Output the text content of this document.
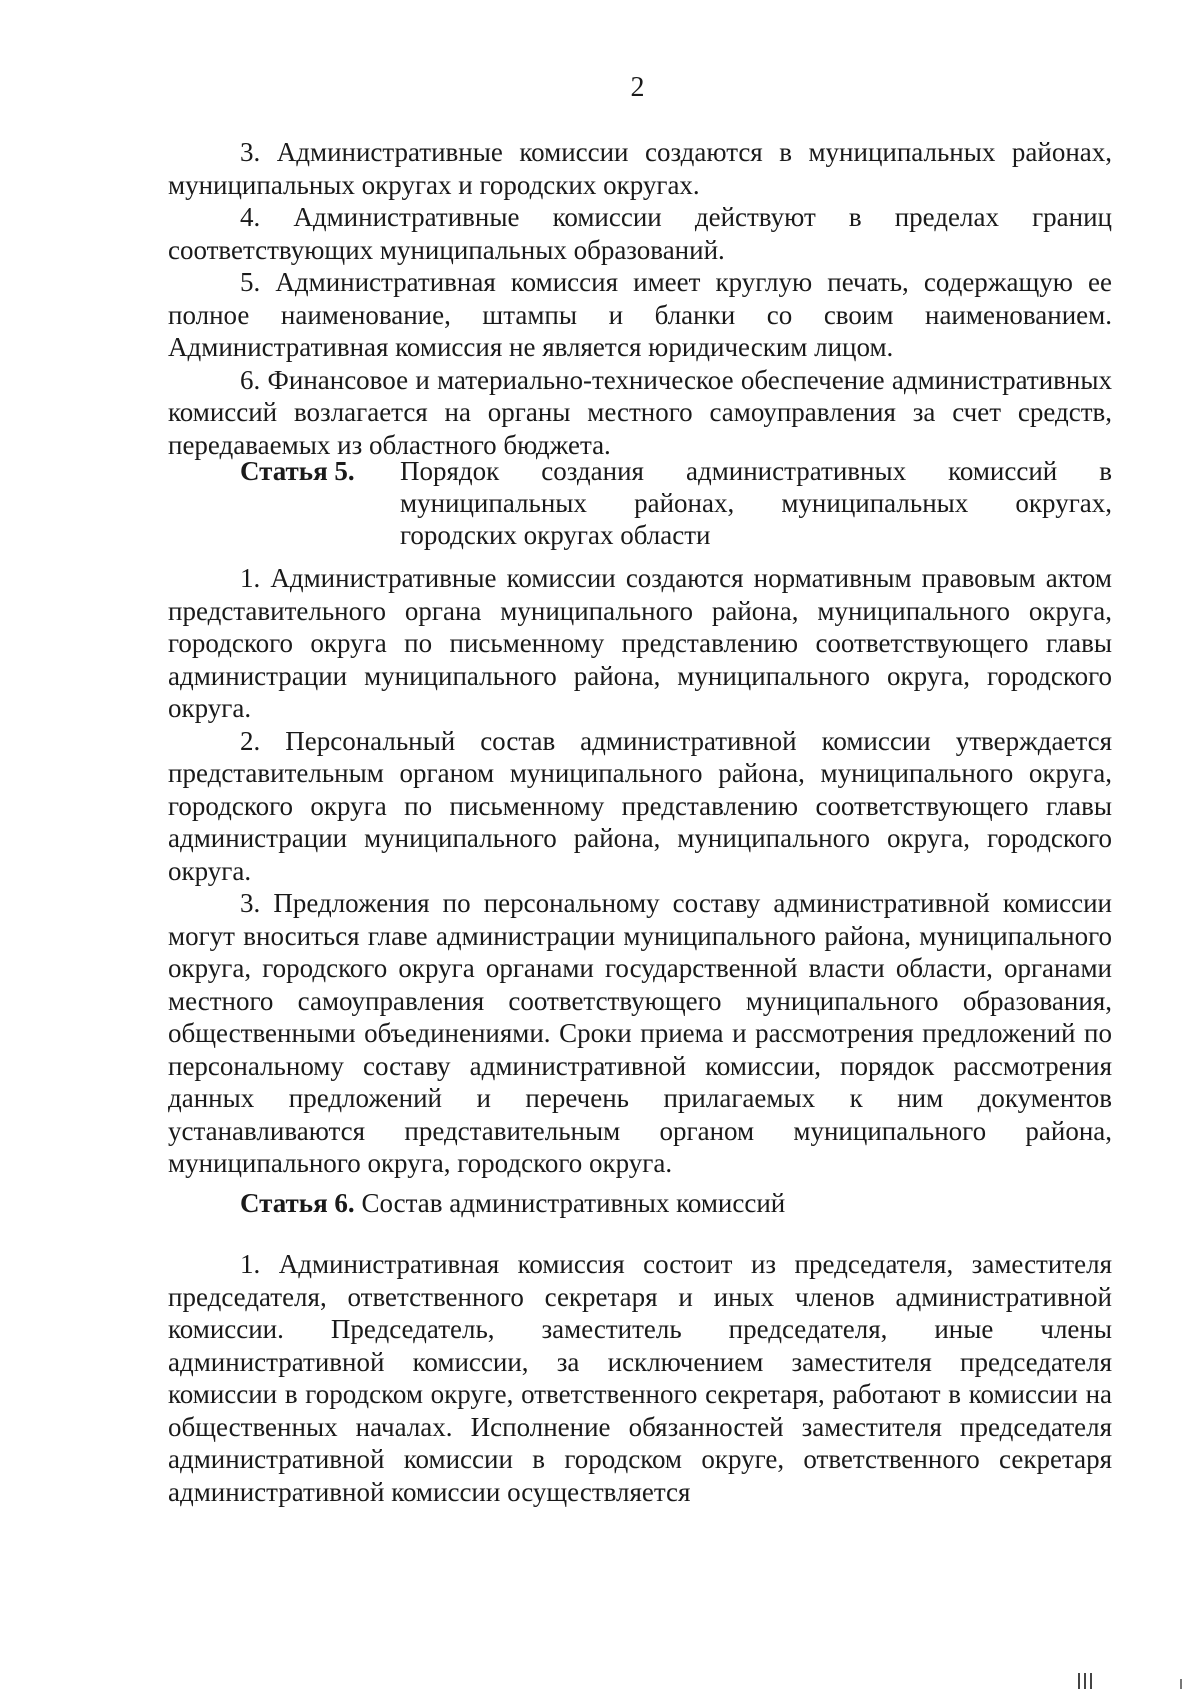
2

3. Административные комиссии создаются в муниципальных районах, муниципальных округах и городских округах.

4. Административные комиссии действуют в пределах границ соответствующих муниципальных образований.

5. Административная комиссия имеет круглую печать, содержащую ее полное наименование, штампы и бланки со своим наименованием. Административная комиссия не является юридическим лицом.

6. Финансовое и материально-техническое обеспечение административных комиссий возлагается на органы местного самоуправления за счет средств, передаваемых из областного бюджета.

Статья 5.	Порядок создания административных комиссий в муниципальных районах, муниципальных округах, городских округах области

1. Административные комиссии создаются нормативным правовым актом представительного органа муниципального района, муниципального округа, городского округа по письменному представлению соответствующего главы администрации муниципального района, муниципального округа, городского округа.

2. Персональный состав административной комиссии утверждается представительным органом муниципального района, муниципального округа, городского округа по письменному представлению соответствующего главы администрации муниципального района, муниципального округа, городского округа.

3. Предложения по персональному составу административной комиссии могут вноситься главе администрации муниципального района, муниципального округа, городского округа органами государственной власти области, органами местного самоуправления соответствующего муниципального образования, общественными объединениями. Сроки приема и рассмотрения предложений по персональному составу административной комиссии, порядок рассмотрения данных предложений и перечень прилагаемых к ним документов устанавливаются представительным органом муниципального района, муниципального округа, городского округа.

Статья 6.
Состав административных комиссий

1. Административная комиссия состоит из председателя, заместителя председателя, ответственного секретаря и иных членов административной комиссии. Председатель, заместитель председателя, иные члены административной комиссии, за исключением заместителя председателя комиссии в городском округе, ответственного секретаря, работают в комиссии на общественных началах. Исполнение обязанностей заместителя председателя административной комиссии в городском округе, ответственного секретаря административной комиссии осуществляется
